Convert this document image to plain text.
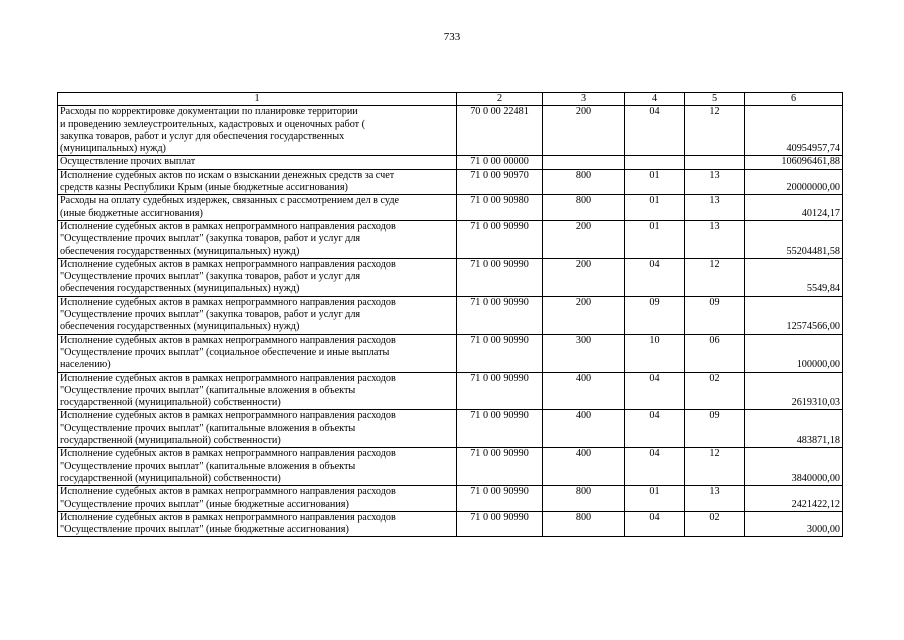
733
1	2	3	4	5	6

Расходы по корректировке документации по планировке территории
и проведению землеустроительных, кадастровых и оценочных работ (
закупка товаров, работ и услуг для обеспечения государственных
(муниципальных) нужд)	70 0 00 22481	200	04	12	40954957,74

Осуществление прочих выплат	71 0 00 00000				106096461,88

Исполнение судебных актов по искам о взыскании денежных средств за счет
средств казны Республики Крым (иные бюджетные ассигнования)	71 0 00 90970	800	01	13	20000000,00

Расходы на оплату судебных издержек, связанных с рассмотрением дел в суде
(иные бюджетные ассигнования)	71 0 00 90980	800	01	13	40124,17

Исполнение судебных актов в рамках непрограммного направления расходов
"Осуществление прочих выплат" (закупка товаров, работ и услуг для
обеспечения государственных (муниципальных) нужд)	71 0 00 90990	200	01	13	55204481,58

Исполнение судебных актов в рамках непрограммного направления расходов
"Осуществление прочих выплат" (закупка товаров, работ и услуг для
обеспечения государственных (муниципальных) нужд)	71 0 00 90990	200	04	12	5549,84

Исполнение судебных актов в рамках непрограммного направления расходов
"Осуществление прочих выплат" (закупка товаров, работ и услуг для
обеспечения государственных (муниципальных) нужд)	71 0 00 90990	200	09	09	12574566,00

Исполнение судебных актов в рамках непрограммного направления расходов
"Осуществление прочих выплат" (социальное обеспечение и иные выплаты
населению)	71 0 00 90990	300	10	06	100000,00

Исполнение судебных актов в рамках непрограммного направления расходов
"Осуществление прочих выплат" (капитальные вложения в объекты
государственной (муниципальной) собственности)	71 0 00 90990	400	04	02	2619310,03

Исполнение судебных актов в рамках непрограммного направления расходов
"Осуществление прочих выплат" (капитальные вложения в объекты
государственной (муниципальной) собственности)	71 0 00 90990	400	04	09	483871,18

Исполнение судебных актов в рамках непрограммного направления расходов
"Осуществление прочих выплат" (капитальные вложения в объекты
государственной (муниципальной) собственности)	71 0 00 90990	400	04	12	3840000,00

Исполнение судебных актов в рамках непрограммного направления расходов
"Осуществление прочих выплат" (иные бюджетные ассигнования)	71 0 00 90990	800	01	13	2421422,12

Исполнение судебных актов в рамках непрограммного направления расходов
"Осуществление прочих выплат" (иные бюджетные ассигнования)	71 0 00 90990	800	04	02	3000,00
